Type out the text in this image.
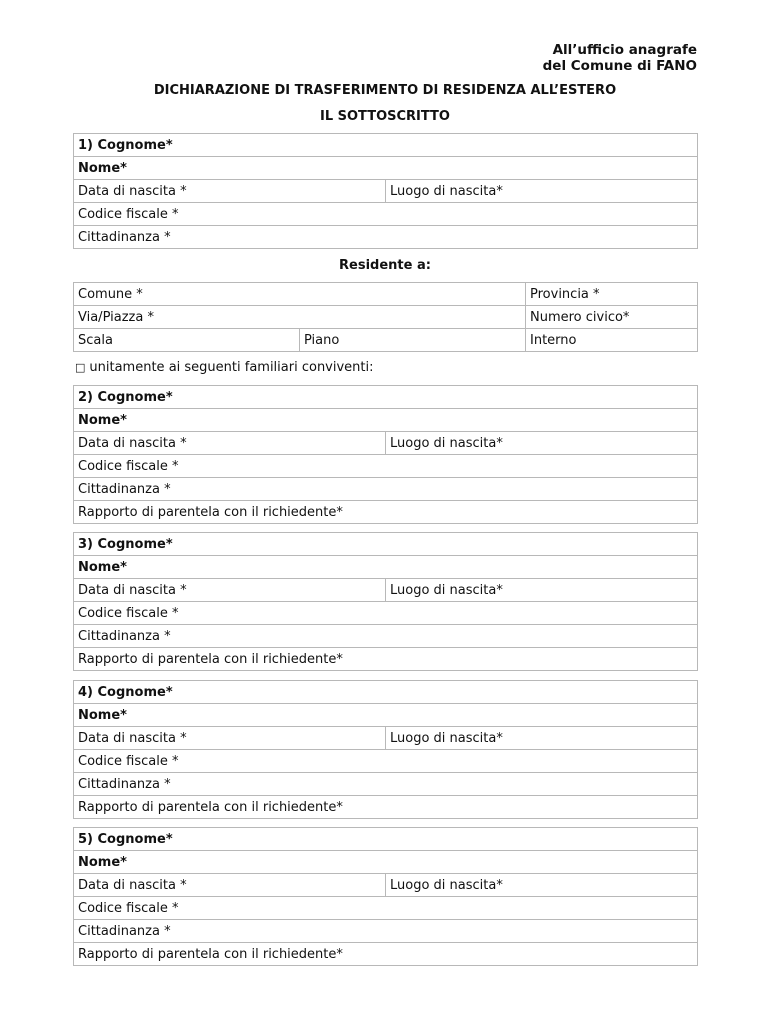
All’ufficio anagrafe
del Comune di FANO
DICHIARAZIONE DI TRASFERIMENTO DI RESIDENZA ALL’ESTERO
IL SOTTOSCRITTO
1) Cognome*
Nome*
Data di nascita *	Luogo di nascita*
Codice fiscale *
Cittadinanza *
Residente a:
Comune *		Provincia *
Via/Piazza *		Numero civico*
Scala	Piano	Interno
□ unitamente ai seguenti familiari conviventi:
2) Cognome*
Nome*
Data di nascita *	Luogo di nascita*
Codice fiscale *
Cittadinanza *
Rapporto di parentela con il richiedente*
3) Cognome*
Nome*
Data di nascita *	Luogo di nascita*
Codice fiscale *
Cittadinanza *
Rapporto di parentela con il richiedente*
4) Cognome*
Nome*
Data di nascita *	Luogo di nascita*
Codice fiscale *
Cittadinanza *
Rapporto di parentela con il richiedente*
5) Cognome*
Nome*
Data di nascita *	Luogo di nascita*
Codice fiscale *
Cittadinanza *
Rapporto di parentela con il richiedente*
